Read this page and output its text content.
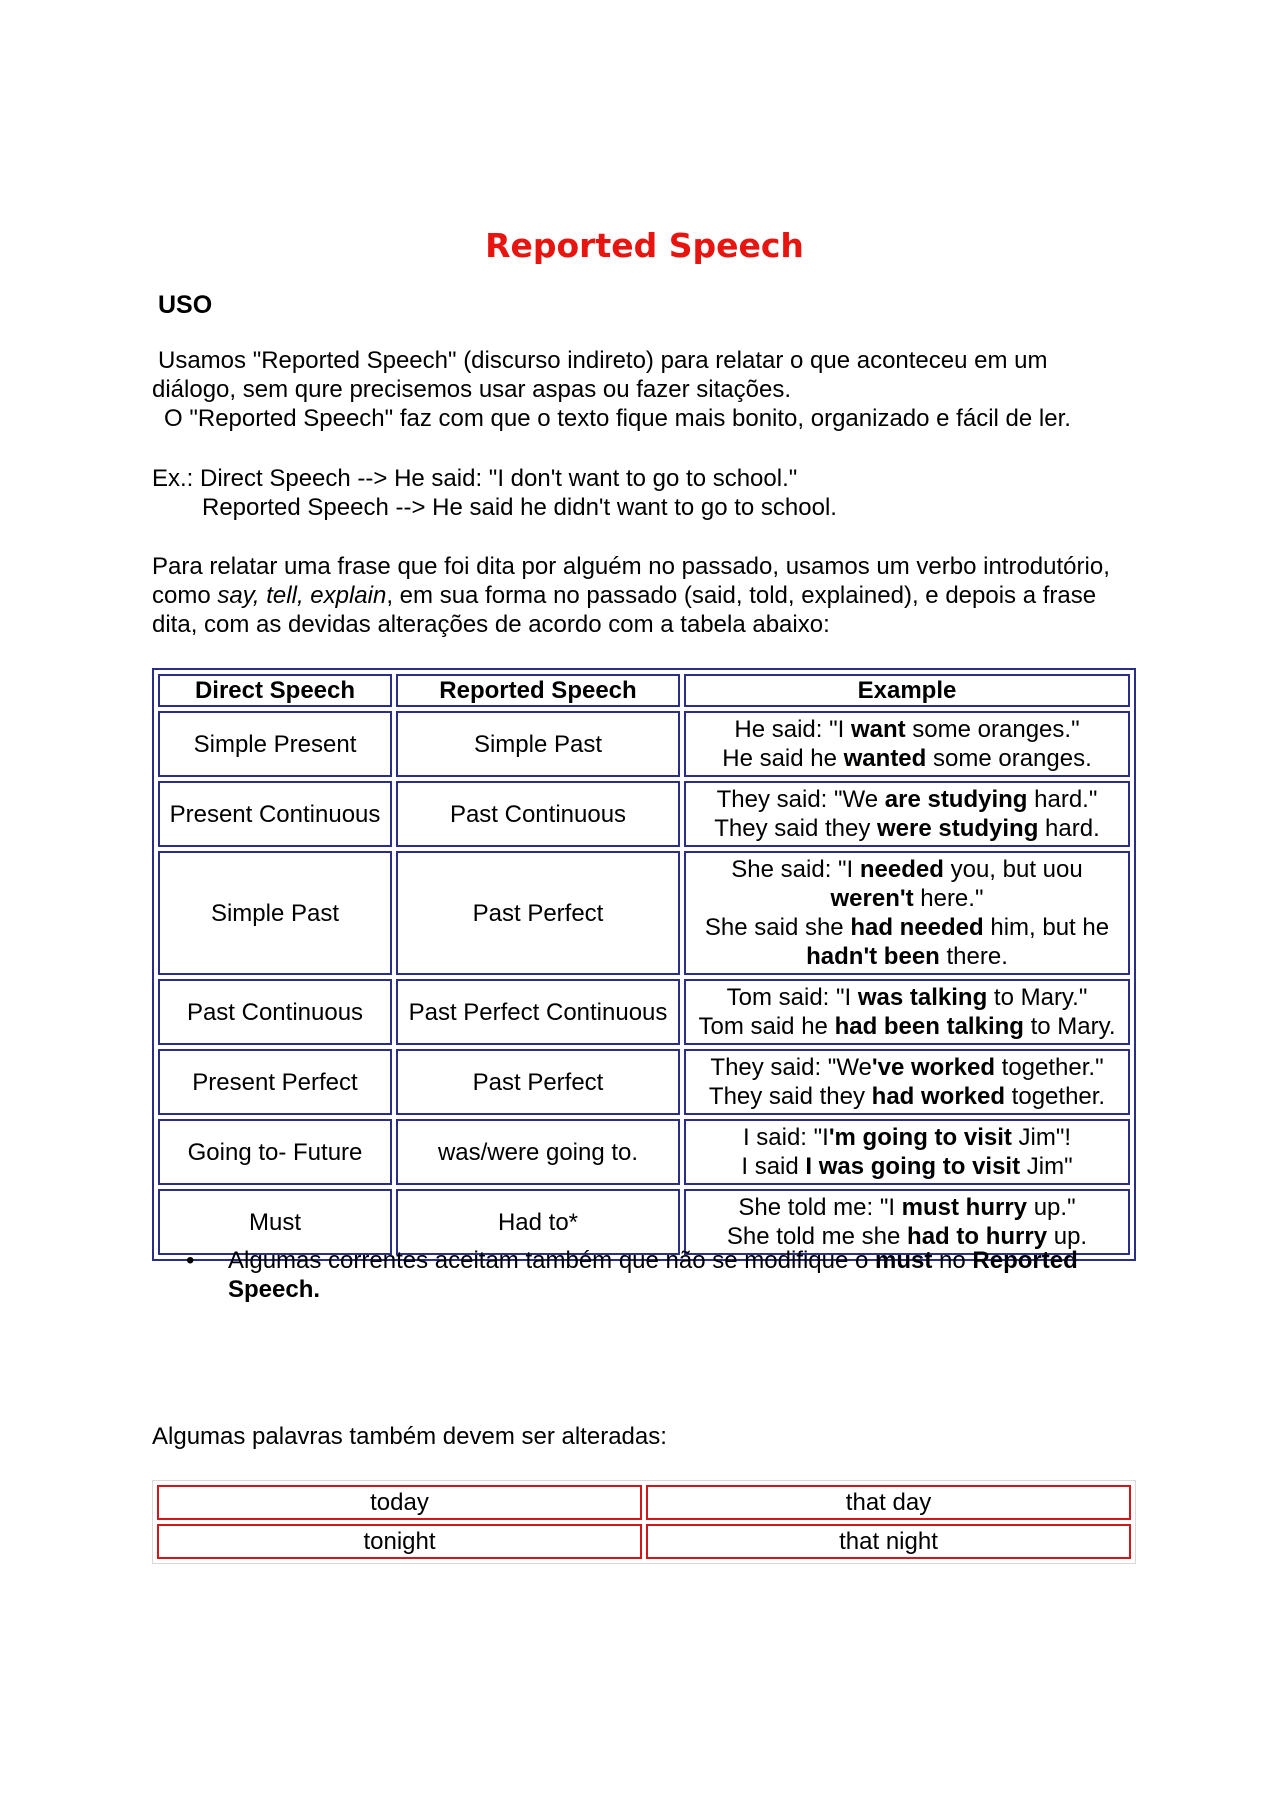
Reported Speech
USO
Usamos "Reported Speech" (discurso indireto) para relatar o que aconteceu em um
diálogo, sem qure precisemos usar aspas ou fazer sitações.
O "Reported Speech" faz com que o texto fique mais bonito, organizado e fácil de ler.
Ex.: Direct Speech --> He said: "I don't want to go to school."
Reported Speech --> He said he didn't want to go to school.
Para relatar uma frase que foi dita por alguém no passado, usamos um verbo introdutório, como say, tell, explain, em sua forma no passado (said, told, explained), e depois a frase dita, com as devidas alterações de acordo com a tabela abaixo:
Direct Speech	Reported Speech	Example
Simple Present	Simple Past	He said: "I want some oranges."
He said he wanted some oranges.

Present Continuous	Past Continuous	They said: "We are studying hard."
They said they were studying hard.

Simple Past	Past Perfect	She said: "I needed you, but uou
weren't here."
She said she had needed him, but he
hadn't been there.

Past Continuous	Past Perfect Continuous	Tom said: "I was talking to Mary."
Tom said he had been talking to Mary.

Present Perfect	Past Perfect	They said: "We've worked together."
They said they had worked together.

Going to- Future	was/were going to.	I said: "I'm going to visit Jim"!
I said I was going to visit Jim"

Must	Had to*	She told me: "I must hurry up."
She told me she had to hurry up.
•	Algumas correntes aceitam também que não se modifique o must no Reported Speech.
Algumas palavras também devem ser alteradas:
today	that day
tonight	that night
